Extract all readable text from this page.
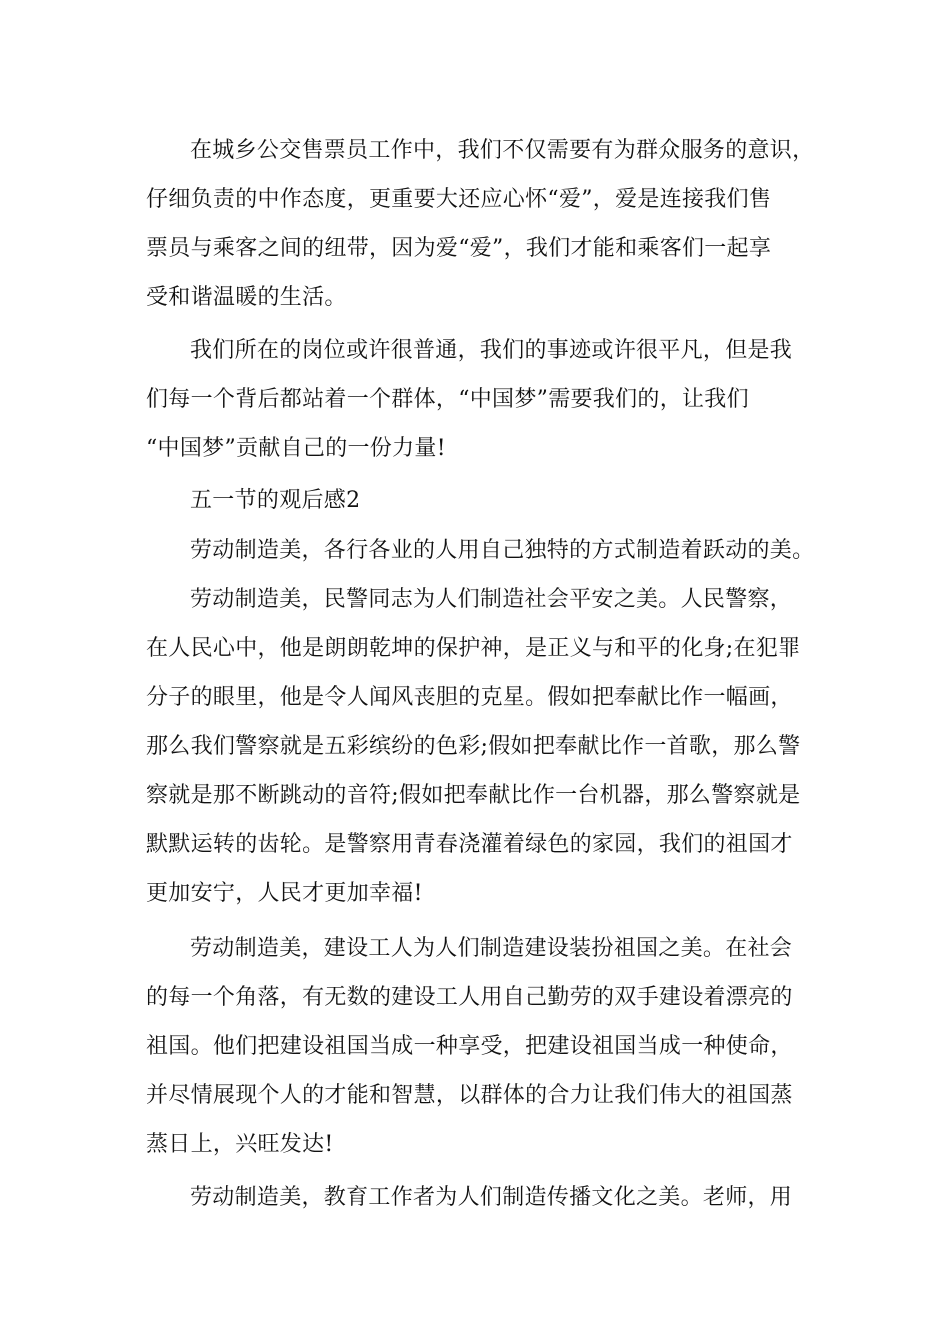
在城乡公交售票员工作中，我们不仅需要有为群众服务的意识，
仔细负责的中作态度，更重要大还应心怀“爱”，爱是连接我们售
票员与乘客之间的纽带，因为爱“爱”，我们才能和乘客们一起享
受和谐温暖的生活。
我们所在的岗位或许很普通，我们的事迹或许很平凡，但是我
们每一个背后都站着一个群体，“中国梦”需要我们的，让我们
“中国梦”贡献自己的一份力量!
五一节的观后感2
劳动制造美，各行各业的人用自己独特的方式制造着跃动的美。
劳动制造美，民警同志为人们制造社会平安之美。人民警察，
在人民心中，他是朗朗乾坤的保护神，是正义与和平的化身;在犯罪
分子的眼里，他是令人闻风丧胆的克星。假如把奉献比作一幅画，
那么我们警察就是五彩缤纷的色彩;假如把奉献比作一首歌，那么警
察就是那不断跳动的音符;假如把奉献比作一台机器，那么警察就是
默默运转的齿轮。是警察用青春浇灌着绿色的家园，我们的祖国才
更加安宁，人民才更加幸福!
劳动制造美，建设工人为人们制造建设装扮祖国之美。在社会
的每一个角落，有无数的建设工人用自己勤劳的双手建设着漂亮的
祖国。他们把建设祖国当成一种享受，把建设祖国当成一种使命，
并尽情展现个人的才能和智慧，以群体的合力让我们伟大的祖国蒸
蒸日上，兴旺发达!
劳动制造美，教育工作者为人们制造传播文化之美。老师，用
